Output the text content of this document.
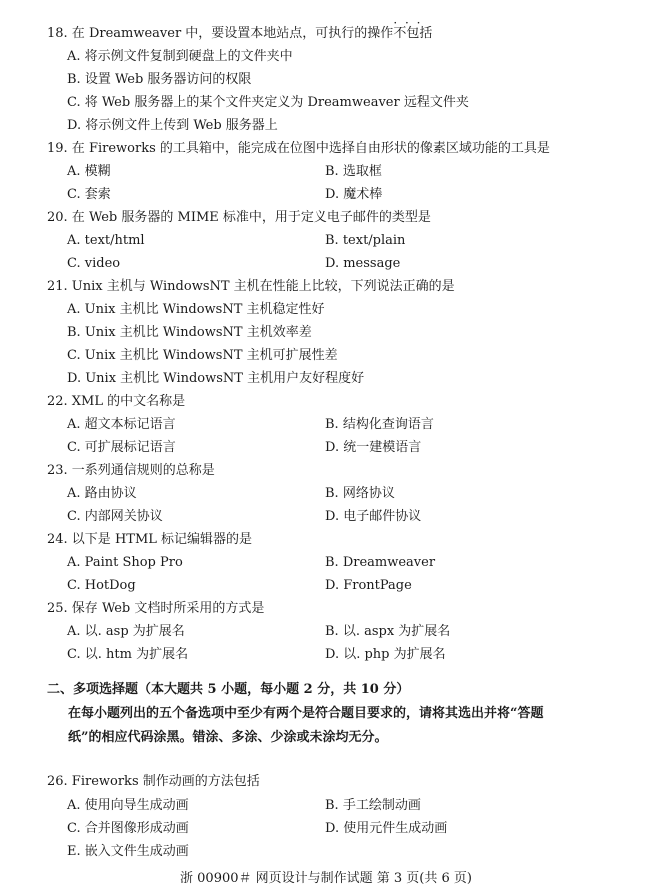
18. 在 Dreamweaver 中，要设置本地站点，可执行的操作不包括 · · ·
A. 将示例文件复制到硬盘上的文件夹中
B. 设置 Web 服务器访问的权限
C. 将 Web 服务器上的某个文件夹定义为 Dreamweaver 远程文件夹
D. 将示例文件上传到 Web 服务器上
19. 在 Fireworks 的工具箱中，能完成在位图中选择自由形状的像素区域功能的工具是
A. 模糊	B. 选取框
C. 套索	D. 魔术棒
20. 在 Web 服务器的 MIME 标准中，用于定义电子邮件的类型是
A. text/html	B. text/plain
C. video	D. message
21. Unix 主机与 WindowsNT 主机在性能上比较，下列说法正确的是
A. Unix 主机比 WindowsNT 主机稳定性好
B. Unix 主机比 WindowsNT 主机效率差
C. Unix 主机比 WindowsNT 主机可扩展性差
D. Unix 主机比 WindowsNT 主机用户友好程度好
22. XML 的中文名称是
A. 超文本标记语言	B. 结构化查询语言
C. 可扩展标记语言	D. 统一建模语言
23. 一系列通信规则的总称是
A. 路由协议	B. 网络协议
C. 内部网关协议	D. 电子邮件协议
24. 以下是 HTML 标记编辑器的是
A. Paint Shop Pro	B. Dreamweaver
C. HotDog	D. FrontPage
25. 保存 Web 文档时所采用的方式是
A. 以. asp 为扩展名	B. 以. aspx 为扩展名
C. 以. htm 为扩展名	D. 以. php 为扩展名
二、多项选择题（本大题共 5 小题，每小题 2 分，共 10 分）
在每小题列出的五个备选项中至少有两个是符合题目要求的，请将其选出并将“答题
纸”的相应代码涂黑。错涂、多涂、少涂或未涂均无分。
26. Fireworks 制作动画的方法包括
A. 使用向导生成动画	B. 手工绘制动画
C. 合并图像形成动画	D. 使用元件生成动画
E. 嵌入文件生成动画
浙 00900＃ 网页设计与制作试题 第 3 页(共 6 页)
